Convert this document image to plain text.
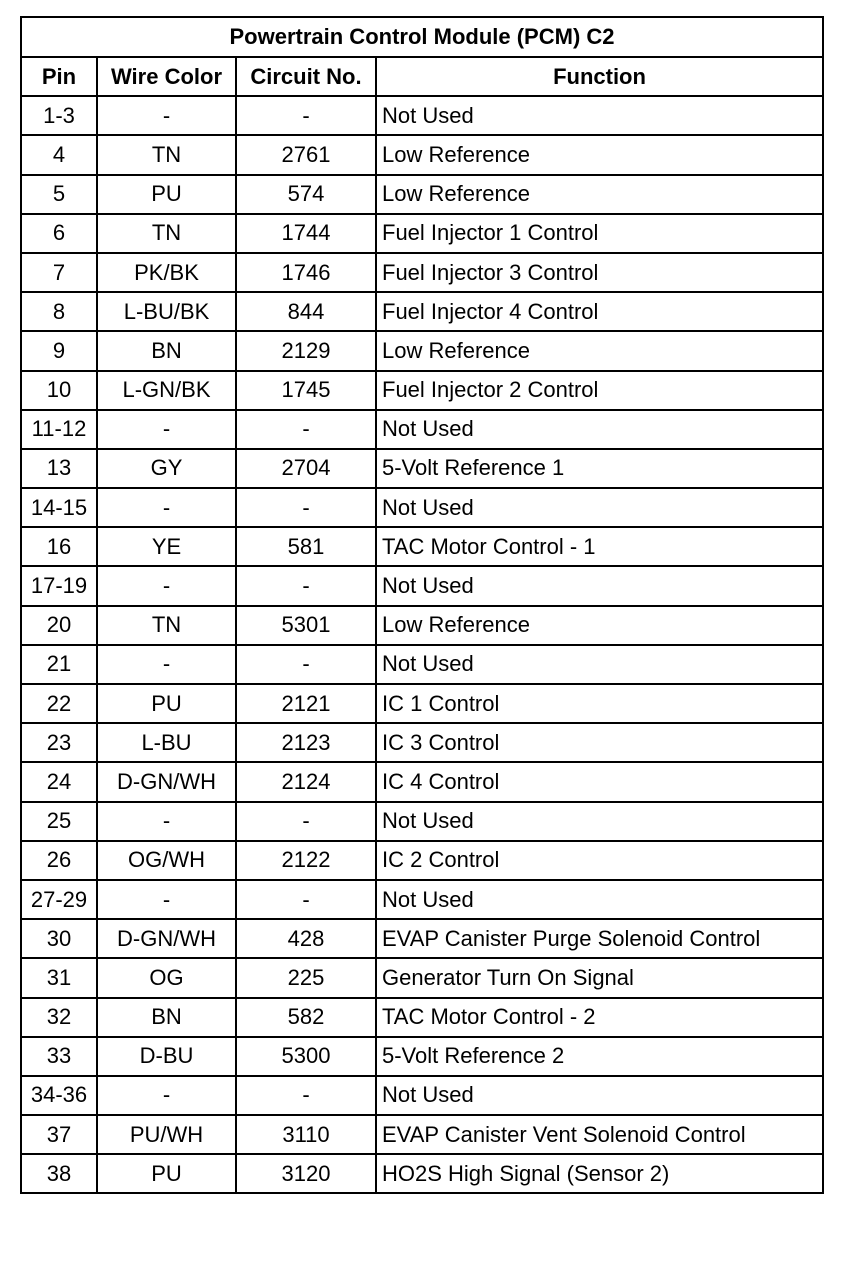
Powertrain Control Module (PCM) C2			
Pin	Wire Color	Circuit No.	Function
1-3	-	-	Not Used
4	TN	2761	Low Reference
5	PU	574	Low Reference
6	TN	1744	Fuel Injector 1 Control
7	PK/BK	1746	Fuel Injector 3 Control
8	L-BU/BK	844	Fuel Injector 4 Control
9	BN	2129	Low Reference
10	L-GN/BK	1745	Fuel Injector 2 Control
11-12	-	-	Not Used
13	GY	2704	5-Volt Reference 1
14-15	-	-	Not Used
16	YE	581	TAC Motor Control - 1
17-19	-	-	Not Used
20	TN	5301	Low Reference
21	-	-	Not Used
22	PU	2121	IC 1 Control
23	L-BU	2123	IC 3 Control
24	D-GN/WH	2124	IC 4 Control
25	-	-	Not Used
26	OG/WH	2122	IC 2 Control
27-29	-	-	Not Used
30	D-GN/WH	428	EVAP Canister Purge Solenoid Control
31	OG	225	Generator Turn On Signal
32	BN	582	TAC Motor Control - 2
33	D-BU	5300	5-Volt Reference 2
34-36	-	-	Not Used
37	PU/WH	3110	EVAP Canister Vent Solenoid Control
38	PU	3120	HO2S High Signal (Sensor 2)
